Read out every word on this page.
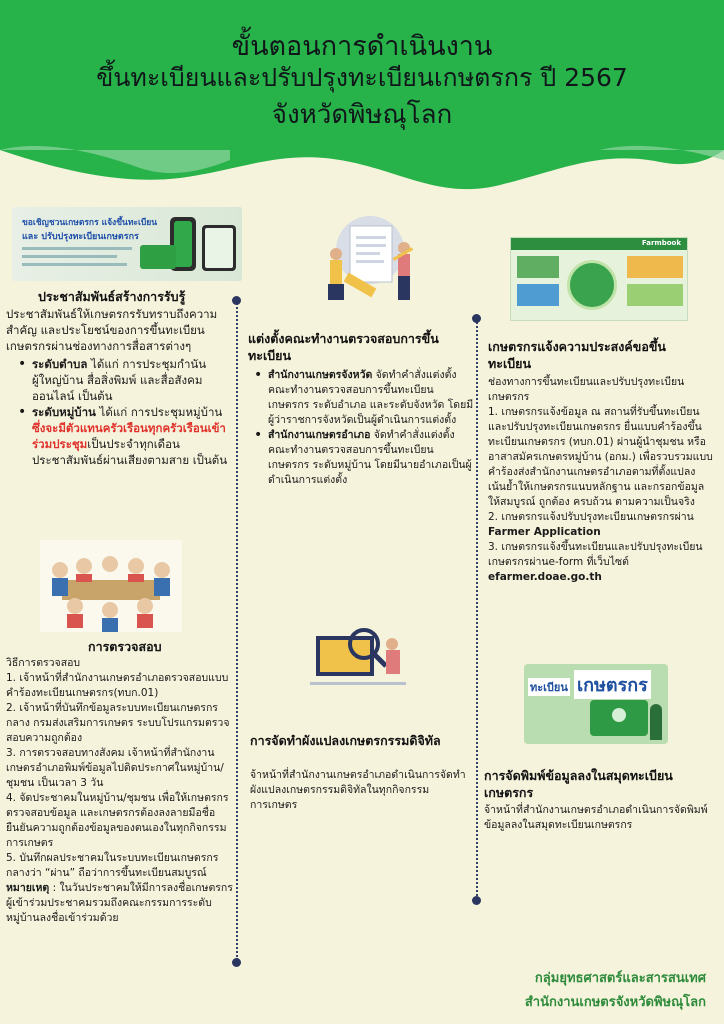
ขั้นตอนการดำเนินงาน
ขึ้นทะเบียนและปรับปรุงทะเบียนเกษตรกร ปี 2567
จังหวัดพิษณุโลก
ขอเชิญชวนเกษตรกร แจ้งขึ้นทะเบียน
และ ปรับปรุงทะเบียนเกษตรกร
ประชาสัมพันธ์สร้างการรับรู้
ประชาสัมพันธ์ให้เกษตรกรรับทราบถึงความสำคัญ และประโยชน์ของการขึ้นทะเบียนเกษตรกรผ่านช่องทางการสื่อสารต่างๆ
• ระดับตำบล ได้แก่ การประชุมกำนัน ผู้ใหญ่บ้าน สื่อสิ่งพิมพ์ และสื่อสังคมออนไลน์ เป็นต้น
• ระดับหมู่บ้าน ได้แก่ การประชุมหมู่บ้าน ซึ่งจะมีตัวแทนครัวเรือนทุกครัวเรือนเข้าร่วมประชุมเป็นประจำทุกเดือน ประชาสัมพันธ์ผ่านเสียงตามสาย เป็นต้น
การตรวจสอบ
วิธีการตรวจสอบ
1. เจ้าหน้าที่สำนักงานเกษตรอำเภอตรวจสอบแบบคำร้องทะเบียนเกษตรกร(ทบก.01)
2. เจ้าหน้าที่บันทึกข้อมูลระบบทะเบียนเกษตรกรกลาง กรมส่งเสริมการเกษตร ระบบโปรแกรมตรวจสอบความถูกต้อง
3. การตรวจสอบทางสังคม เจ้าหน้าที่สำนักงานเกษตรอำเภอพิมพ์ข้อมูลไปติดประกาศในหมู่บ้าน/ชุมชน เป็นเวลา 3 วัน
4. จัดประชาคมในหมู่บ้าน/ชุมชน เพื่อให้เกษตรกรตรวจสอบข้อมูล และเกษตรกรต้องลงลายมือชื่อยืนยันความถูกต้องข้อมูลของตนเองในทุกกิจกรรมการเกษตร
5. บันทึกผลประชาคมในระบบทะเบียนเกษตรกรกลางว่า “ผ่าน” ถือว่าการขึ้นทะเบียนสมบูรณ์
หมายเหตุ : ในวันประชาคมให้มีการลงชื่อเกษตรกรผู้เข้าร่วมประชาคมรวมถึงคณะกรรมการระดับหมู่บ้านลงชื่อเข้าร่วมด้วย
แต่งตั้งคณะทำงานตรวจสอบการขึ้นทะเบียน
• สำนักงานเกษตรจังหวัด จัดทำคำสั่งแต่งตั้งคณะทำงานตรวจสอบการขึ้นทะเบียนเกษตรกร ระดับอำเภอ และระดับจังหวัด โดยมีผู้ว่าราชการจังหวัดเป็นผู้ดำเนินการแต่งตั้ง
• สำนักงานเกษตรอำเภอ จัดทำคำสั่งแต่งตั้งคณะทำงานตรวจสอบการขึ้นทะเบียนเกษตรกร ระดับหมู่บ้าน โดยมีนายอำเภอเป็นผู้ดำเนินการแต่งตั้ง
การจัดทำผังแปลงเกษตรกรรมดิจิทัล
จ้าหน้าที่สำนักงานเกษตรอำเภอดำเนินการจัดทำผังแปลงเกษตรกรรมดิจิทัลในทุกกิจกรรมการเกษตร
Farmbook
เกษตรกรแจ้งความประสงค์ขอขึ้นทะเบียน
ช่องทางการขึ้นทะเบียนและปรับปรุงทะเบียนเกษตรกร
1. เกษตรกรแจ้งข้อมูล ณ สถานที่รับขึ้นทะเบียนและปรับปรุงทะเบียนเกษตรกร ยื่นแบบคำร้องขึ้นทะเบียนเกษตรกร (ทบก.01) ผ่านผู้นำชุมชน หรืออาสาสมัครเกษตรหมู่บ้าน (อกม.) เพื่อรวบรวมแบบคำร้องส่งสำนักงานเกษตรอำเภอตามที่ตั้งแปลง เน้นย้ำให้เกษตรกรแนบหลักฐาน และกรอกข้อมูลให้สมบูรณ์ ถูกต้อง ครบถ้วน ตามความเป็นจริง
2. เกษตรกรแจ้งปรับปรุงทะเบียนเกษตรกรผ่าน Farmer Application
3. เกษตรกรแจ้งขึ้นทะเบียนและปรับปรุงทะเบียนเกษตรกรผ่านe-form ที่เว็บไซต์ efarmer.doae.go.th
ทะเบียน เกษตรกร
การจัดพิมพ์ข้อมูลลงในสมุดทะเบียนเกษตรกร
จ้าหน้าที่สำนักงานเกษตรอำเภอดำเนินการจัดพิมพ์ข้อมูลลงในสมุดทะเบียนเกษตรกร
กลุ่มยุทธศาสตร์และสารสนเทศ
สำนักงานเกษตรจังหวัดพิษณุโลก
